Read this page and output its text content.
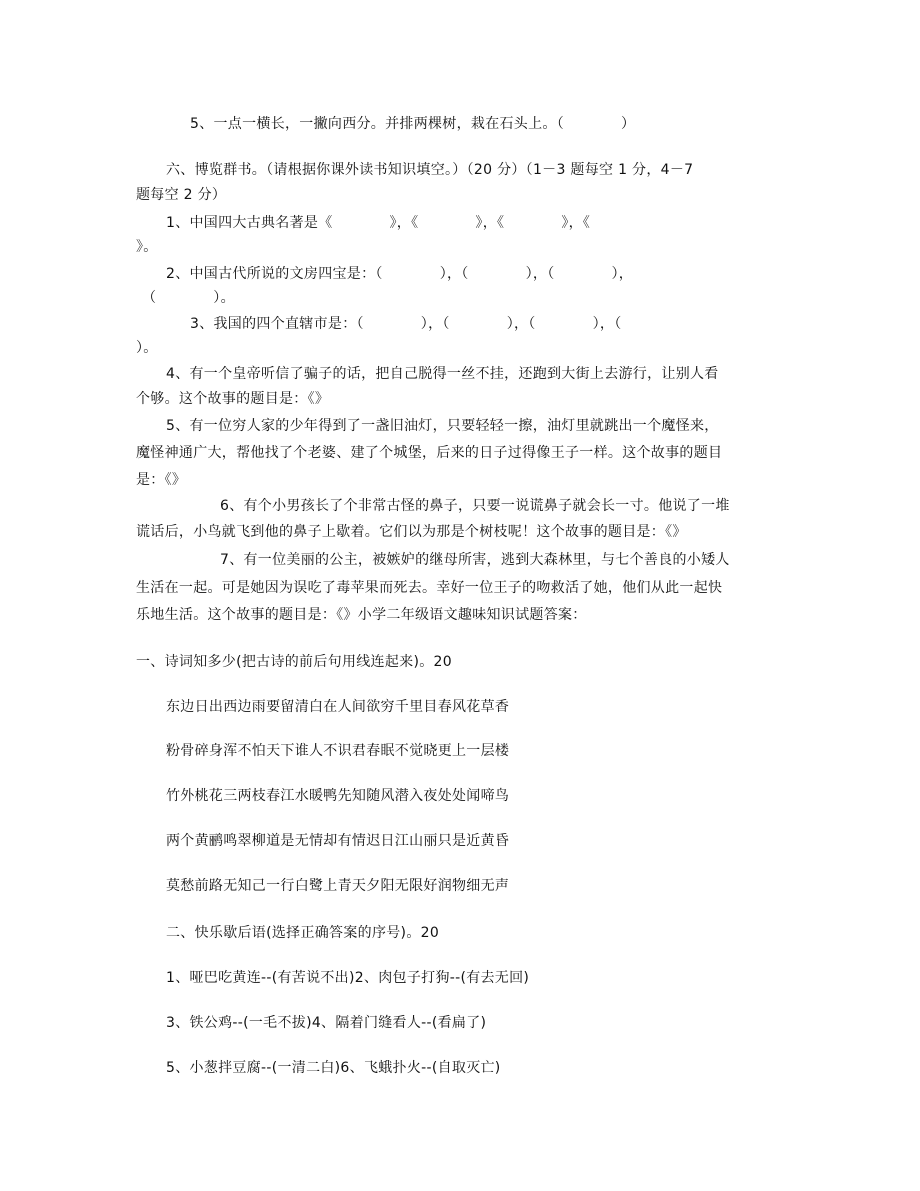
5、一点一横长，一撇向西分。并排两棵树，栽在石头上。（            ）
六、博览群书。（请根据你课外读书知识填空。）（20 分）（1－3 题每空 1 分，4－7
题每空 2 分）
1、中国四大古典名著是《            》，《            》，《            》，《
》。
2、中国古代所说的文房四宝是：（            ），（            ），（            ），
（            ）。
3、我国的四个直辖市是：（            ），（            ），（            ），（
）。
4、有一个皇帝听信了骗子的话，把自己脱得一丝不挂，还跑到大街上去游行，让别人看
个够。这个故事的题目是：《》
5、有一位穷人家的少年得到了一盏旧油灯，只要轻轻一擦，油灯里就跳出一个魔怪来，
魔怪神通广大，帮他找了个老婆、建了个城堡，后来的日子过得像王子一样。这个故事的题目
是：《》
6、有个小男孩长了个非常古怪的鼻子，只要一说谎鼻子就会长一寸。他说了一堆
谎话后，小鸟就飞到他的鼻子上歇着。它们以为那是个树枝呢！这个故事的题目是：《》
7、有一位美丽的公主，被嫉妒的继母所害，逃到大森林里，与七个善良的小矮人
生活在一起。可是她因为误吃了毒苹果而死去。幸好一位王子的吻救活了她，他们从此一起快
乐地生活。这个故事的题目是：《》小学二年级语文趣味知识试题答案：
一、诗词知多少(把古诗的前后句用线连起来)。20
东边日出西边雨要留清白在人间欲穷千里目春风花草香
粉骨碎身浑不怕天下谁人不识君春眠不觉晓更上一层楼
竹外桃花三两枝春江水暖鸭先知随风潜入夜处处闻啼鸟
两个黄鹂鸣翠柳道是无情却有情迟日江山丽只是近黄昏
莫愁前路无知己一行白鹭上青天夕阳无限好润物细无声
二、快乐歇后语(选择正确答案的序号)。20
1、哑巴吃黄连--(有苦说不出)2、肉包子打狗--(有去无回)
3、铁公鸡--(一毛不拔)4、隔着门缝看人--(看扁了)
5、小葱拌豆腐--(一清二白)6、飞蛾扑火--(自取灭亡)
